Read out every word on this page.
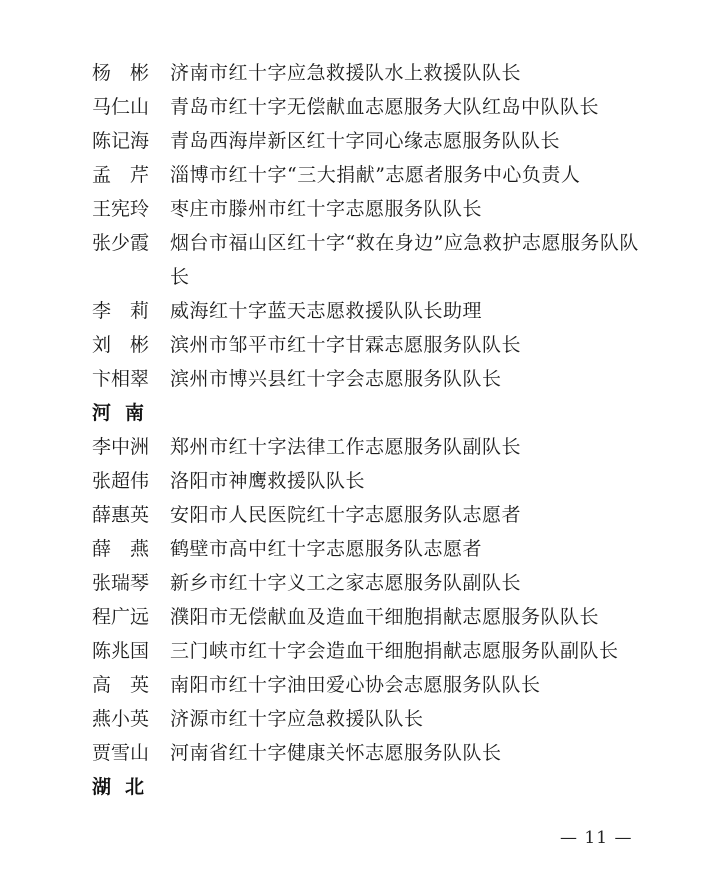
杨　彬	济南市红十字应急救援队水上救援队队长
马仁山	青岛市红十字无偿献血志愿服务大队红岛中队队长
陈记海	青岛西海岸新区红十字同心缘志愿服务队队长
孟　芹	淄博市红十字“三大捐献”志愿者服务中心负责人
王宪玲	枣庄市滕州市红十字志愿服务队队长
张少霞	烟台市福山区红十字“救在身边”应急救护志愿服务队队长
李　莉	威海红十字蓝天志愿救援队队长助理
刘　彬	滨州市邹平市红十字甘霖志愿服务队队长
卞相翠	滨州市博兴县红十字会志愿服务队队长
河南
李中洲	郑州市红十字法律工作志愿服务队副队长
张超伟	洛阳市神鹰救援队队长
薛惠英	安阳市人民医院红十字志愿服务队志愿者
薛　燕	鹤壁市高中红十字志愿服务队志愿者
张瑞琴	新乡市红十字义工之家志愿服务队副队长
程广远	濮阳市无偿献血及造血干细胞捐献志愿服务队队长
陈兆国	三门峡市红十字会造血干细胞捐献志愿服务队副队长
高　英	南阳市红十字油田爱心协会志愿服务队队长
燕小英	济源市红十字应急救援队队长
贾雪山	河南省红十字健康关怀志愿服务队队长
湖北
— 11 —
